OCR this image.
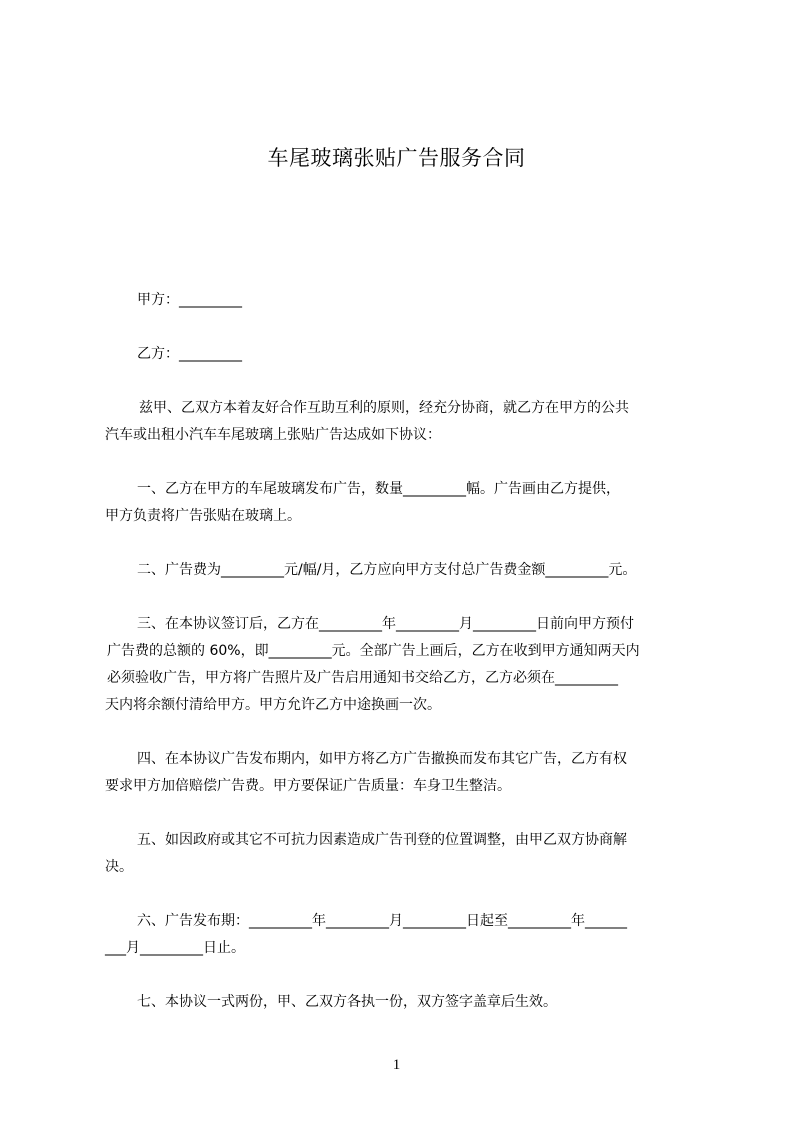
车尾玻璃张贴广告服务合同
甲方：_________
乙方：_________
兹甲、乙双方本着友好合作互助互利的原则，经充分协商，就乙方在甲方的公共
汽车或出租小汽车车尾玻璃上张贴广告达成如下协议：
一、乙方在甲方的车尾玻璃发布广告，数量_________幅。广告画由乙方提供，
甲方负责将广告张贴在玻璃上。
二、广告费为_________元/幅/月，乙方应向甲方支付总广告费金额_________元。
三、在本协议签订后，乙方在_________年_________月_________日前向甲方预付
广告费的总额的 60%，即_________元。全部广告上画后，乙方在收到甲方通知两天内
必须验收广告，甲方将广告照片及广告启用通知书交给乙方，乙方必须在_________
天内将余额付清给甲方。甲方允许乙方中途换画一次。
四、在本协议广告发布期内，如甲方将乙方广告撤换而发布其它广告，乙方有权
要求甲方加倍赔偿广告费。甲方要保证广告质量：车身卫生整洁。
五、如因政府或其它不可抗力因素造成广告刊登的位置调整，由甲乙双方协商解
决。
六、广告发布期：_________年_________月_________日起至_________年______
___月_________日止。
七、本协议一式两份，甲、乙双方各执一份，双方签字盖章后生效。
1
